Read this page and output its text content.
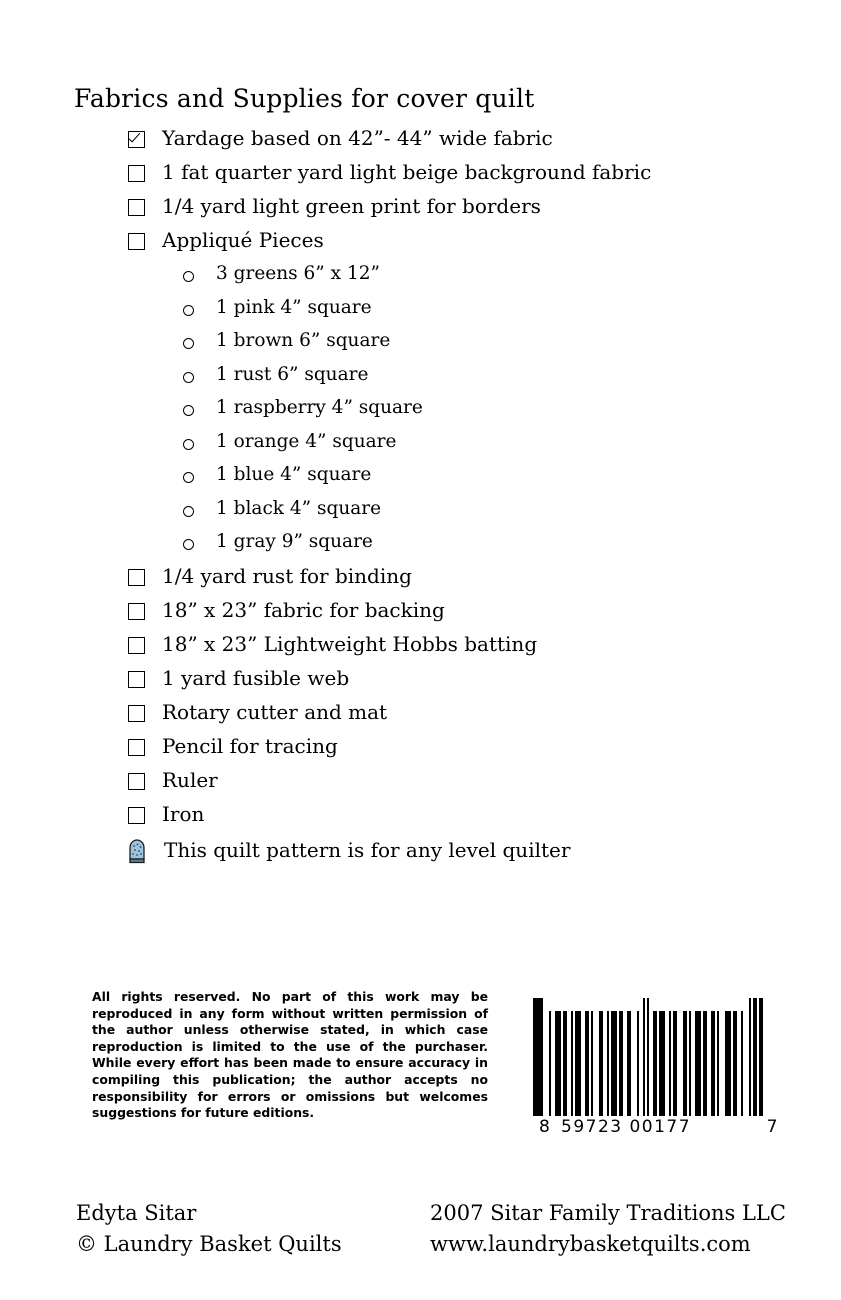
Fabrics and Supplies for cover quilt
Yardage based on 42”- 44” wide fabric
1 fat quarter yard light beige background fabric
1/4 yard light green print for borders
Appliqué Pieces
3 greens 6” x 12”
1 pink 4” square
1 brown 6” square
1 rust 6” square
1 raspberry 4” square
1 orange 4” square
1 blue 4” square
1 black 4” square
1 gray 9” square
1/4 yard rust for binding
18” x 23” fabric for backing
18” x 23” Lightweight Hobbs batting
1 yard fusible web
Rotary cutter and mat
Pencil for tracing
Ruler
Iron
This quilt pattern is for any level quilter
All rights reserved. No part of this work may be reproduced in any form without written permission of the author unless otherwise stated, in which case reproduction is limited to the use of the purchaser. While every effort has been made to ensure accuracy in compiling this publication; the author accepts no responsibility for errors or omissions but welcomes suggestions for future editions.
8 59723 00177	7
Edyta Sitar
© Laundry Basket Quilts
2007 Sitar Family Traditions LLC
www.laundrybasketquilts.com
